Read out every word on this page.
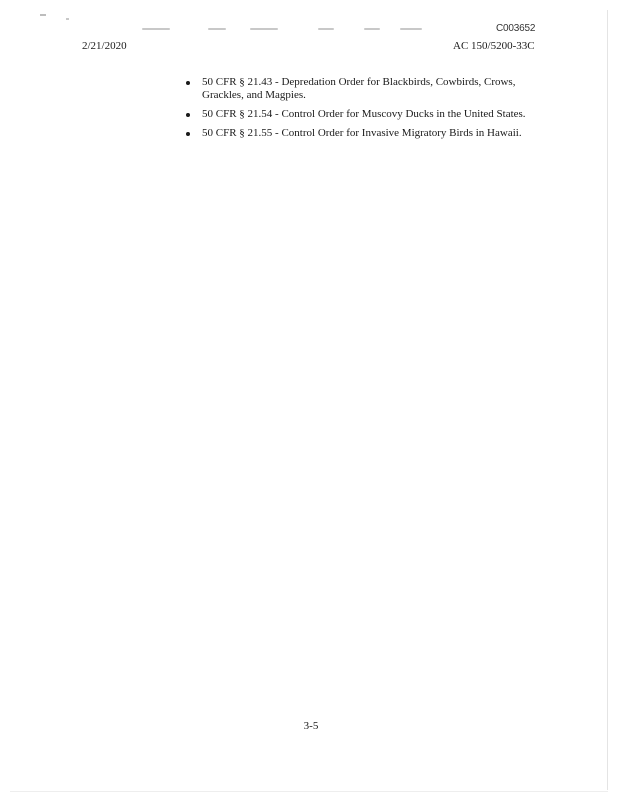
C003652
2/21/2020	AC 150/5200-33C
50 CFR § 21.43 - Depredation Order for Blackbirds, Cowbirds, Crows, Grackles, and Magpies.
50 CFR § 21.54 - Control Order for Muscovy Ducks in the United States.
50 CFR § 21.55 - Control Order for Invasive Migratory Birds in Hawaii.
3-5
